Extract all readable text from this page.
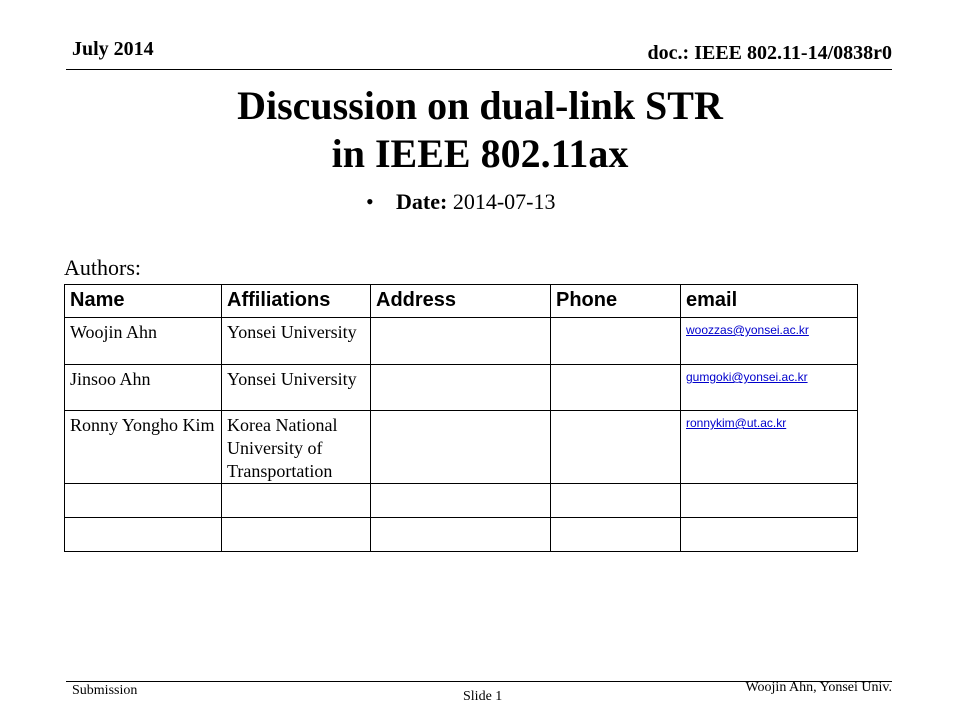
July 2014	doc.: IEEE 802.11-14/0838r0
Discussion on dual-link STR
in IEEE 802.11ax
• Date: 2014-07-13
Authors:
Name	Affiliations	Address	Phone	email
Woojin Ahn	Yonsei University			woozzas@yonsei.ac.kr
Jinsoo Ahn	Yonsei University			gumgoki@yonsei.ac.kr
Ronny Yongho Kim	Korea National University of Transportation			ronnykim@ut.ac.kr

Submission	Slide 1
Woojin Ahn, Yonsei Univ.
